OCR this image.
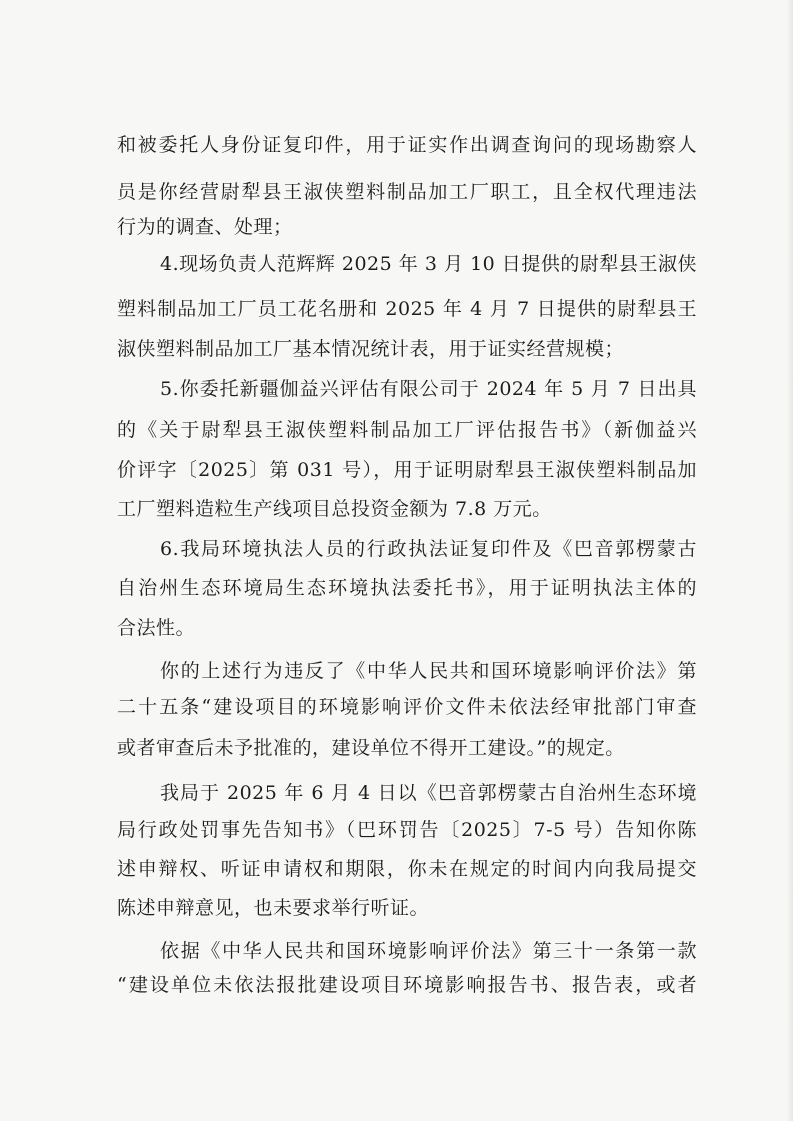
和被委托人身份证复印件，用于证实作出调查询问的现场勘察人
员是你经营尉犁县王淑侠塑料制品加工厂职工，且全权代理违法
行为的调查、处理；
4.现场负责人范辉辉 2025 年 3 月 10 日提供的尉犁县王淑侠
塑料制品加工厂员工花名册和 2025 年 4 月 7 日提供的尉犁县王
淑侠塑料制品加工厂基本情况统计表，用于证实经营规模；
5.你委托新疆伽益兴评估有限公司于 2024 年 5 月 7 日出具
的《关于尉犁县王淑侠塑料制品加工厂评估报告书》（新伽益兴
价评字〔2025〕第 031 号），用于证明尉犁县王淑侠塑料制品加
工厂塑料造粒生产线项目总投资金额为 7.8 万元。
6.我局环境执法人员的行政执法证复印件及《巴音郭楞蒙古
自治州生态环境局生态环境执法委托书》，用于证明执法主体的
合法性。
你的上述行为违反了《中华人民共和国环境影响评价法》第
二十五条“建设项目的环境影响评价文件未依法经审批部门审查
或者审查后未予批准的，建设单位不得开工建设。”的规定。
我局于 2025 年 6 月 4 日以《巴音郭楞蒙古自治州生态环境
局行政处罚事先告知书》（巴环罚告〔2025〕7-5 号）告知你陈
述申辩权、听证申请权和期限，你未在规定的时间内向我局提交
陈述申辩意见，也未要求举行听证。
依据《中华人民共和国环境影响评价法》第三十一条第一款
“建设单位未依法报批建设项目环境影响报告书、报告表，或者
